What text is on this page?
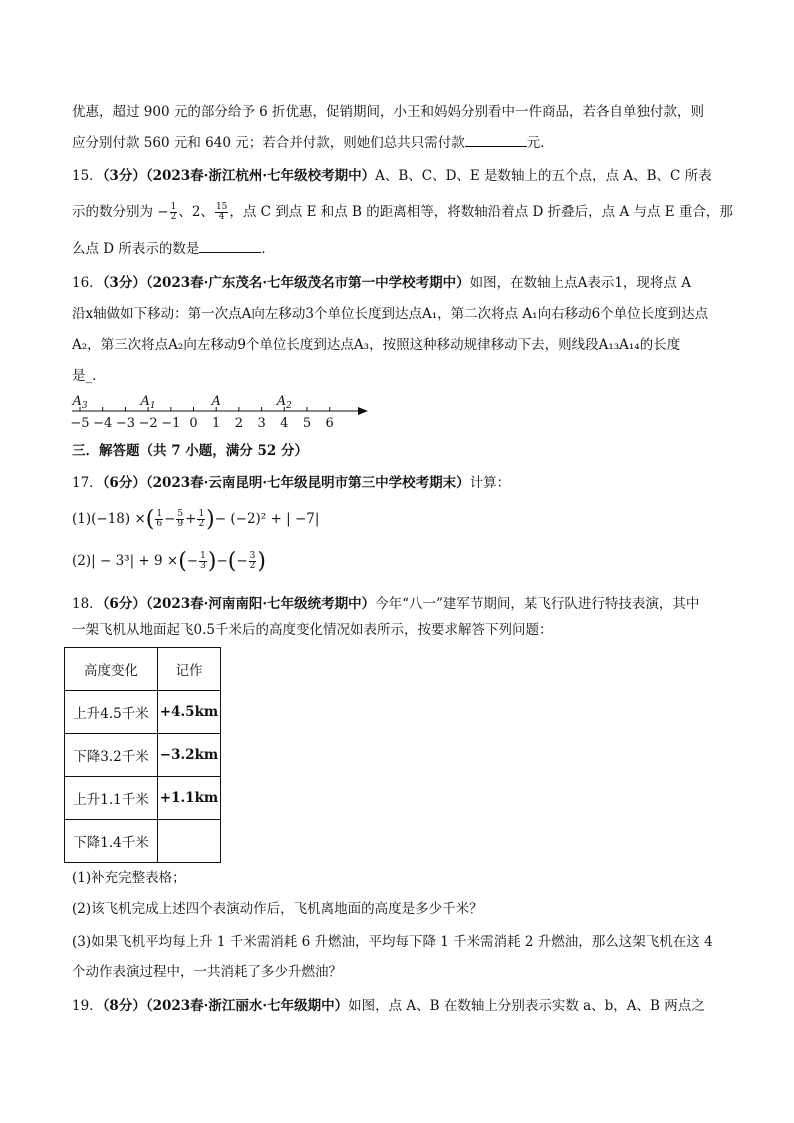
优惠，超过 900 元的部分给予 6 折优惠，促销期间，小王和妈妈分别看中一件商品，若各自单独付款，则
应分别付款 560 元和 640 元；若合并付款，则她们总共只需付款	元．
15．（3分）（2023春·浙江杭州·七年级校考期中）A、B、C、D、E 是数轴上的五个点，点 A、B、C 所表
示的数分别为 − $\frac{1}{2}$ 、2、 $\frac{15}{4}$ ，点 C 到点 E 和点 B 的距离相等，将数轴沿着点 D 折叠后，点 A 与点 E 重合，那
么点 D 所表示的数是	．
16．（3分）（2023春·广东茂名·七年级茂名市第一中学校考期中）如图，在数轴上点A表示1，现将点 A
沿x轴做如下移动：第一次点A向左移动3个单位长度到达点A₁，第二次将点 A₁向右移动6个单位长度到达点
A₂，第三次将点A₂向左移动9个单位长度到达点A₃，按照这种移动规律移动下去，则线段A₁₃A₁₄的长度
是_．
−5 −4 −3 −2 −1 0 1 2 3 4 5 6
$A_3$	$A_1$	A	$A_2$
三．解答题（共 7 小题，满分 52 分）
17．（6分）（2023春·云南昆明·七年级昆明市第三中学校考期末）计算：
(1)(−18) ×( $\frac{1}{6} - \frac{5}{9} + \frac{1}{2}$ )− (−2)² + | −7|
(2)| − 3³| + 9 ×(− $\frac{1}{3}$ )−(− $\frac{3}{2}$ )
18．（6分）（2023春·河南南阳·七年级统考期中）今年“八一”建军节期间，某飞行队进行特技表演，其中
一架飞机从地面起飞0.5千米后的高度变化情况如表所示，按要求解答下列问题：
高度变化	记作
上升4.5千米	+4.5km
下降3.2千米	−3.2km
上升1.1千米	+1.1km
下降1.4千米	
(1)补充完整表格；
(2)该飞机完成上述四个表演动作后，飞机离地面的高度是多少千米？
(3)如果飞机平均每上升 1 千米需消耗 6 升燃油，平均每下降 1 千米需消耗 2 升燃油，那么这架飞机在这 4
个动作表演过程中，一共消耗了多少升燃油？
19．（8分）（2023春·浙江丽水·七年级期中）如图，点 A、B 在数轴上分别表示实数 a、b，A、B 两点之
